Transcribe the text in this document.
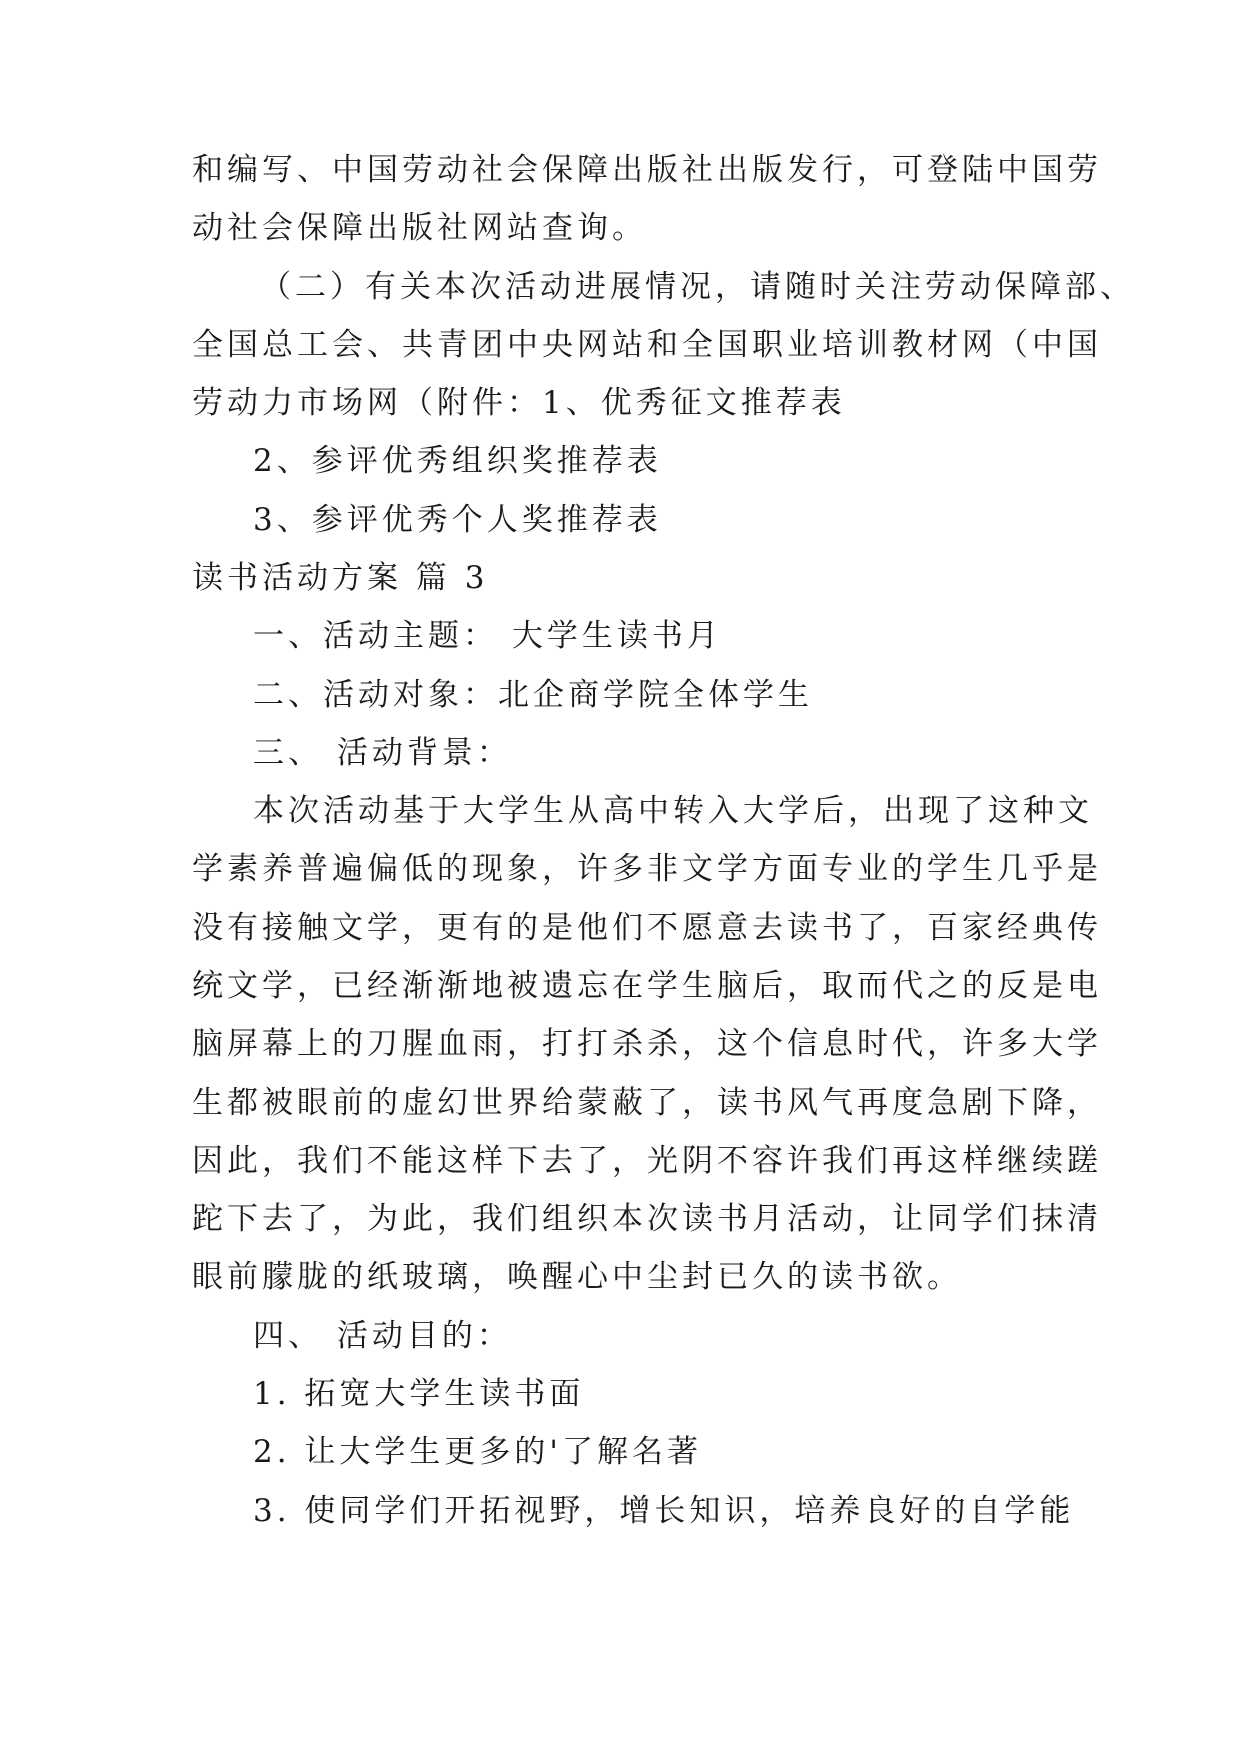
和编写、中国劳动社会保障出版社出版发行，可登陆中国劳
动社会保障出版社网站查询。
（二）有关本次活动进展情况，请随时关注劳动保障部、
全国总工会、共青团中央网站和全国职业培训教材网（中国
劳动力市场网（附件：1、优秀征文推荐表
2、参评优秀组织奖推荐表
3、参评优秀个人奖推荐表
读书活动方案 篇 3
一、活动主题： 大学生读书月
二、活动对象：北企商学院全体学生
三、 活动背景：
本次活动基于大学生从高中转入大学后，出现了这种文
学素养普遍偏低的现象，许多非文学方面专业的学生几乎是
没有接触文学，更有的是他们不愿意去读书了，百家经典传
统文学，已经渐渐地被遗忘在学生脑后，取而代之的反是电
脑屏幕上的刀腥血雨，打打杀杀，这个信息时代，许多大学
生都被眼前的虚幻世界给蒙蔽了，读书风气再度急剧下降，
因此，我们不能这样下去了，光阴不容许我们再这样继续蹉
跎下去了，为此，我们组织本次读书月活动，让同学们抹清
眼前朦胧的纸玻璃，唤醒心中尘封已久的读书欲。
四、 活动目的：
1. 拓宽大学生读书面
2. 让大学生更多的'了解名著
3. 使同学们开拓视野，增长知识，培养良好的自学能
